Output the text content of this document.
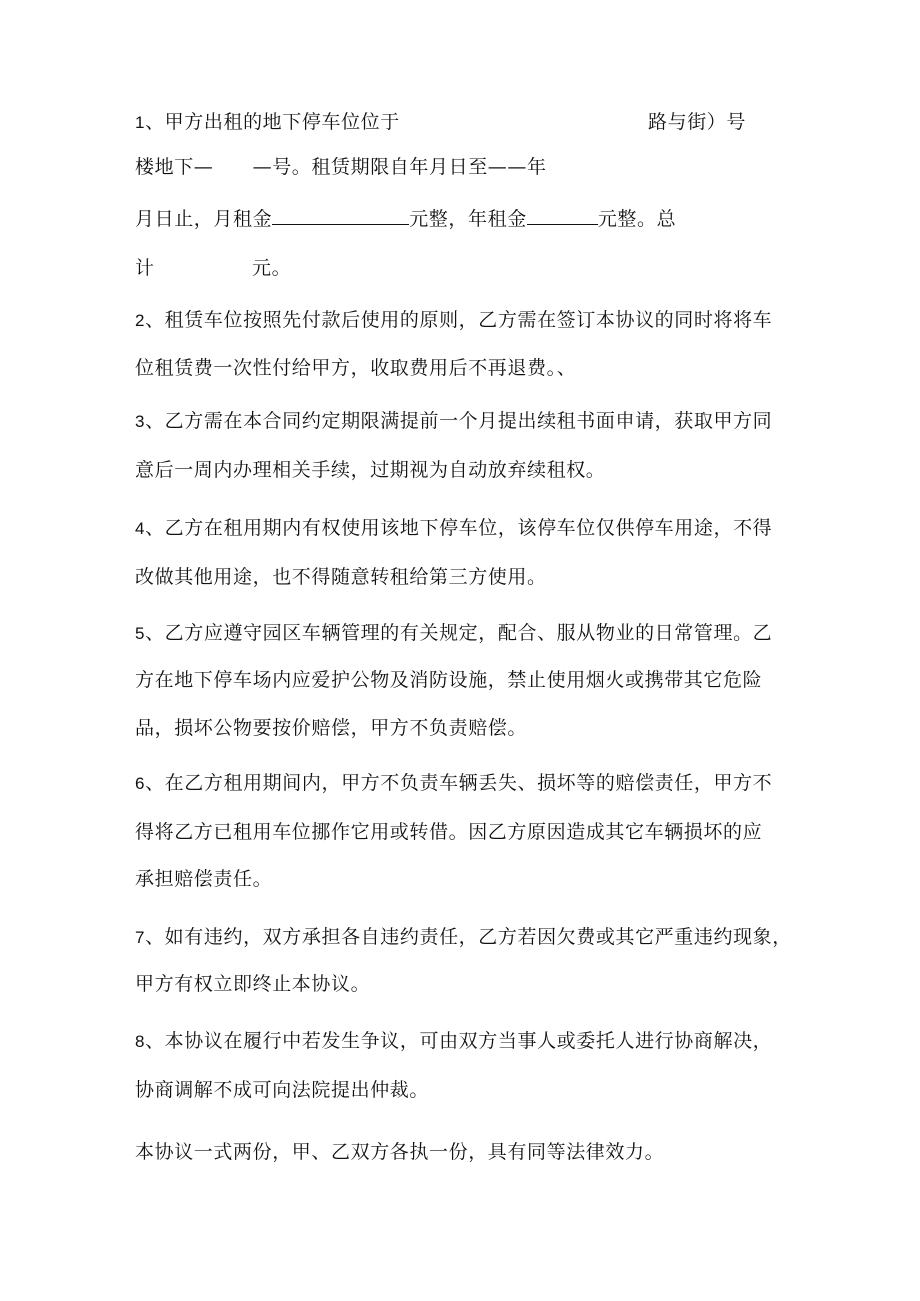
1、甲方出租的地下停车位位于	路与街）号
楼地下—　　—号。租赁期限自年月日至——年
月日止，月租金	元整，年租金	元整。总
计	元。
2、租赁车位按照先付款后使用的原则，乙方需在签订本协议的同时将将车
位租赁费一次性付给甲方，收取费用后不再退费。、
3、乙方需在本合同约定期限满提前一个月提出续租书面申请，获取甲方同
意后一周内办理相关手续，过期视为自动放弃续租权。
4、乙方在租用期内有权使用该地下停车位，该停车位仅供停车用途，不得
改做其他用途，也不得随意转租给第三方使用。
5、乙方应遵守园区车辆管理的有关规定，配合、服从物业的日常管理。乙
方在地下停车场内应爱护公物及消防设施，禁止使用烟火或携带其它危险
品，损坏公物要按价赔偿，甲方不负责赔偿。
6、在乙方租用期间内，甲方不负责车辆丢失、损坏等的赔偿责任，甲方不
得将乙方已租用车位挪作它用或转借。因乙方原因造成其它车辆损坏的应
承担赔偿责任。
7、如有违约，双方承担各自违约责任，乙方若因欠费或其它严重违约现象，
甲方有权立即终止本协议。
8、本协议在履行中若发生争议，可由双方当事人或委托人进行协商解决，
协商调解不成可向法院提出仲裁。
本协议一式两份，甲、乙双方各执一份，具有同等法律效力。
